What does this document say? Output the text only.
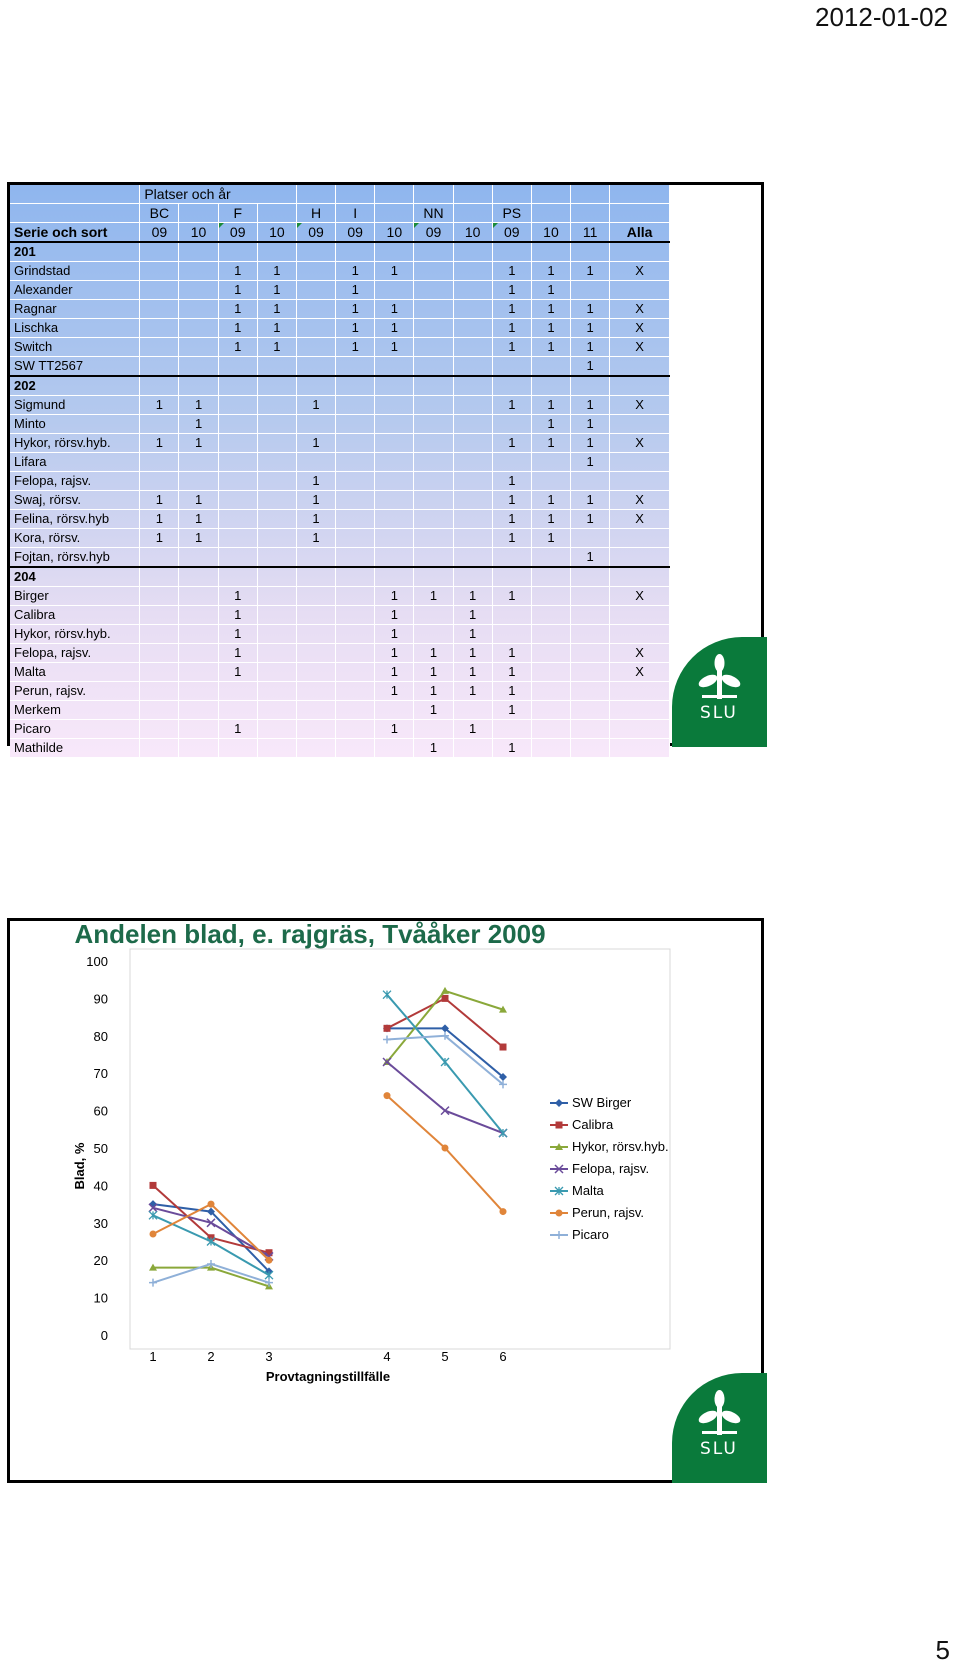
2012-01-02
	Platser och år												
	BC		F		H	I		NN		PS			
Serie och sort	09	10	09	10	09	09	10	09	10	09	10	11	Alla
201													
Grindstad			1	1		1	1			1	1	1	X
Alexander			1	1		1				1	1		
Ragnar			1	1		1	1			1	1	1	X
Lischka			1	1		1	1			1	1	1	X
Switch			1	1		1	1			1	1	1	X
SW TT2567												1	
202													
Sigmund	1	1			1					1	1	1	X
Minto		1									1	1	
Hykor, rörsv.hyb.	1	1			1					1	1	1	X
Lifara												1	
Felopa, rajsv.					1					1			
Swaj, rörsv.	1	1			1					1	1	1	X
Felina, rörsv.hyb	1	1			1					1	1	1	X
Kora, rörsv.	1	1			1					1	1		
Fojtan, rörsv.hyb												1	
204													
Birger			1				1	1	1	1			X
Calibra			1				1		1				
Hykor, rörsv.hyb.			1				1		1				
Felopa, rajsv.			1				1	1	1	1			X
Malta			1				1	1	1	1			X
Perun, rajsv.							1	1	1	1			
Merkem								1		1			
Picaro			1				1		1				
Mathilde								1		1			
SLU
Andelen blad, e. rajgräs, Tvååker 2009
0
10
20
30
40
50
60
70
80
90
100
1	2	3	4	5	6
Provtagningstillfälle
Blad, %
SW Birger
Calibra
Hykor, rörsv.hyb.
Felopa, rajsv.
Malta
Perun, rajsv.
Picaro
SLU
5
